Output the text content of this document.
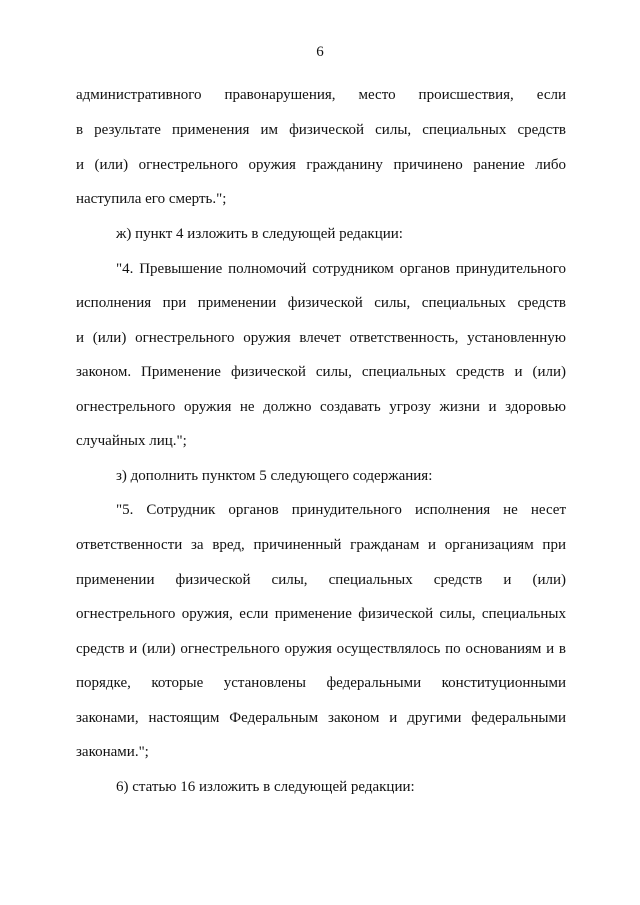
6
административного правонарушения, место происшествия, если
в результате применения им физической силы, специальных средств
и (или) огнестрельного оружия гражданину причинено ранение либо
наступила его смерть.";
ж) пункт 4 изложить в следующей редакции:
"4. Превышение полномочий сотрудником органов принудительного
исполнения при применении физической силы, специальных средств
и (или) огнестрельного оружия влечет ответственность, установленную
законом. Применение физической силы, специальных средств и (или)
огнестрельного оружия не должно создавать угрозу жизни и здоровью
случайных лиц.";
з) дополнить пунктом 5 следующего содержания:
"5. Сотрудник органов принудительного исполнения не несет
ответственности за вред, причиненный гражданам и организациям при
применении физической силы, специальных средств и (или)
огнестрельного оружия, если применение физической силы, специальных
средств и (или) огнестрельного оружия осуществлялось по основаниям и в
порядке, которые установлены федеральными конституционными
законами, настоящим Федеральным законом и другими федеральными
законами.";
6) статью 16 изложить в следующей редакции:
